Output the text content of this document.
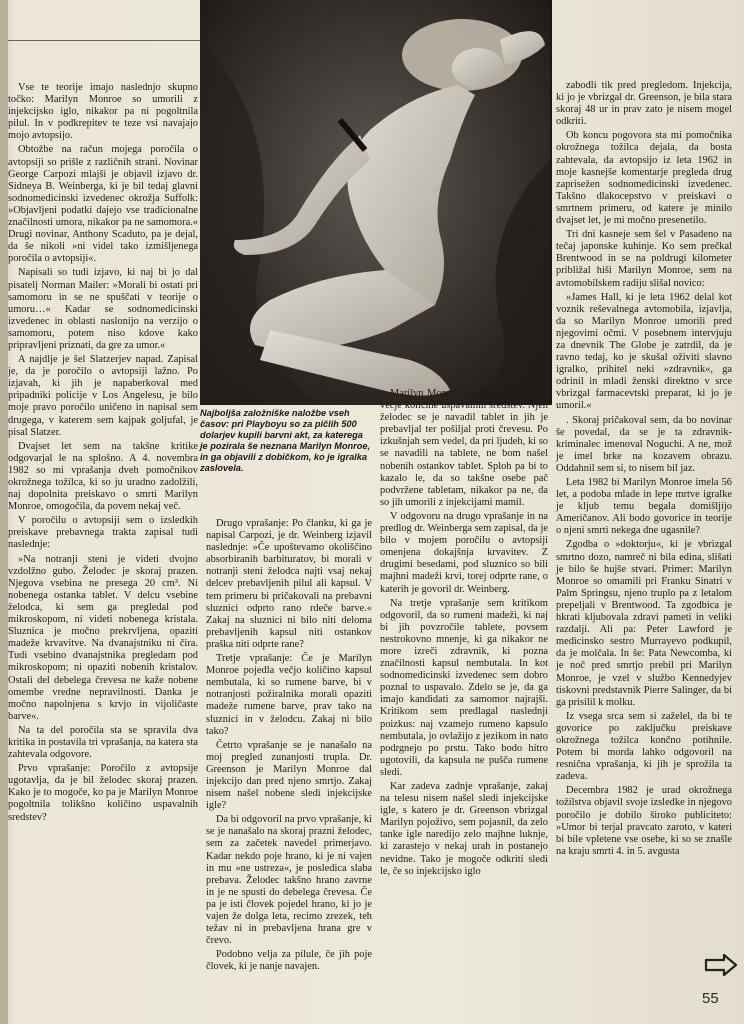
Najboljša založniške naložbe vseh časov: pri Playboyu so za pičlih 500 dolarjev kupili barvni akt, za katerega je pozirala še neznana Marilyn Monroe, in ga objavili z dobičkom, ko je igralka zaslovela.

Vse te teorije imajo naslednjo skupno točko: Marilyn Monroe so umorili z injekcijsko iglo, nikakor pa ni pogoltnila pilul. In v podkrepitev te teze vsi navajajo mojo avtopsijo.

Obtožbe na račun mojega poročila o avtopsiji so prišle z različnih strani. Novinar George Carpozi mlajši je objavil izjavo dr. Sidneya B. Weinberga, ki je bil tedaj glavni sodnomedicinski izvedenec okrožja Suffolk: »Objavljeni podatki dajejo vse tradicionalne značilnosti umora, nikakor pa ne samomora.« Drugi novinar, Anthony Scaduto, pa je dejal, da še nikoli »ni videl tako izmišljenega poročila o avtopsiji«.

Napisali so tudi izjavo, ki naj bi jo dal pisatelj Norman Mailer: »Morali bi ostati pri samomoru in se ne spuščati v teorije o umoru…« Kadar se sodnomedicinski izvedenec in oblasti naslonijo na verzijo o samomoru, potem niso kdove kako pripravljeni priznati, da gre za umor.«

A najdlje je šel Slatzerjev napad. Zapisal je, da je poročilo o avtopsiji lažno. Po izjavah, ki jih je napaberkoval med pripadniki policije v Los Angelesu, je bilo moje pravo poročilo uničeno in napisal sem drugega, v katerem sem kajpak goljufal, je pisal Slatzer.

Dvajset let sem na takšne kritike odgovarjal le na splošno. A 4. novembra 1982 so mi vprašanja dveh pomočnikov okrožnega tožilca, ki so ju uradno zadolžili, naj dopolnita preiskavo o smrti Marilyn Monroe, omogočila, da povem nekaj več.

V poročilu o avtopsiji sem o izsledkih preiskave prebavnega trakta zapisal tudi naslednje:

»Na notranji steni je videti dvojno vzdolžno gubo. Želodec je skoraj prazen. Njegova vsebina ne presega 20 cm³. Ni nobenega ostanka tablet. V delcu vsebine želodca, ki sem ga pregledal pod mikroskopom, ni videti nobenega kristala. Sluznica je močno prekrvljena, opaziti madeže krvavitve. Na dvanajstniku ni čira. Tudi vsebino dvanajstnika pregledam pod mikroskopom; ni opaziti nobenih kristalov. Ostali del debelega črevesa ne kaže nobene omembe vredne nepravilnosti. Danka je močno napolnjena s krvjo in vijoličaste barve«.

Na ta del poročila sta se spravila dva kritika in postavila tri vprašanja, na katera sta zahtevala odgovore.

Prvo vprašanje: Poročilo z avtopsije ugotavlja, da je bil želodec skoraj prazen. Kako je to mogoče, ko pa je Marilyn Monroe pogoltnila tolikšno količino uspavalnih sredstev?

Drugo vprašanje: Po članku, ki ga je napisal Carpozi, je dr. Weinberg izjavil naslednje: »Če upoštevamo okoliščino absorbiranih barbituratov, bi morali v notranji steni želodca najti vsaj nekaj delcev prebavljenih pilul ali kapsul. V tem primeru bi pričakovali na prebavni sluznici odprto rano rdeče barve.« Zakaj na sluznici ni bilo niti deloma prebavljenih kapsul niti ostankov praška niti odprte rane?

Tretje vprašanje: Če je Marilyn Monroe pojedla večjo količino kapsul nembutala, ki so rumene barve, bi v notranjosti požiralnika morali opaziti madeže rumene barve, prav tako na sluznici in v želodcu. Zakaj ni bilo tako?

Četrto vprašanje se je nanašalo na moj pregled zunanjosti trupla. Dr. Greenson je Marilyn Monroe dal injekcijo dan pred njeno smrtjo. Zakaj nisem našel nobene sledi injekcijske igle?

Da bi odgovoril na prvo vprašanje, ki se je nanašalo na skoraj prazni želodec, sem za začetek navedel primerjavo. Kadar nekdo poje hrano, ki je ni vajen in mu »ne ustreza«, je posledica slaba prebava. Želodec takšno hrano zavrne in je ne spusti do debelega črevesa. Če pa je isti človek pojedel hrano, ki jo je vajen že dolga leta, recimo zrezek, teh težav ni in prebavljena hrana gre v črevo.

Podobno velja za pilule, če jih poje človek, ki je nanje navajen.

Marilyn Monroe je dolga leta jemala večje količine uspavalnih sredstev. Njen želodec se je navadil tablet in jih je prebavljal ter pošiljal proti črevesu. Po izkušnjah sem vedel, da pri ljudeh, ki so se navadili na tablete, ne bom našel nobenih ostankov tablet. Sploh pa bi to kazalo le, da so takšne osebe pač podvržene tabletam, nikakor pa ne, da so jih umorili z injekcijami mamil.

V odgovoru na drugo vprašanje in na predlog dr. Weinberga sem zapisal, da je bilo v mojem poročilu o avtopsiji omenjena dokajšnja krvavitev. Z drugimi besedami, pod sluznico so bili majhni madeži krvi, torej odprte rane, o katerih je govoril dr. Weinberg.

Na tretje vprašanje sem kritikom odgovoril, da so rumeni madeži, ki naj bi jih povzročile tablete, povsem nestrokovno mnenje, ki ga nikakor ne more izreči zdravnik, ki pozna značilnosti kapsul nembutala. In kot sodnomedicinski izvedenec sem dobro poznal to uspavalo. Zdelo se je, da ga imajo kandidati za samomor najrajši. Kritikom sem predlagal naslednji poizkus: naj vzamejo rumeno kapsulo nembutala, jo ovlažijo z jezikom in nato podrgnejo po prstu. Tako bodo hitro ugotovili, da kapsula ne pušča rumene sledi.

Kar zadeva zadnje vprašanje, zakaj na telesu nisem našel sledi injekcijske igle, s katero je dr. Greenson vbrizgal Marilyn pojoživo, sem pojasnil, da zelo tanke igle naredijo zelo majhne luknje, ki zarastejo v nekaj urah in postanejo nevidne. Tako je mogoče odkriti sledi le, če so injekcijsko iglo

zabodli tik pred pregledom. Injekcija, ki jo je vbrizgal dr. Greenson, je bila stara skoraj 48 ur in prav zato je nisem mogel odkriti.

Ob koncu pogovora sta mi pomočnika okrožnega tožilca dejala, da bosta zahtevala, da avtopsijo iz leta 1962 in moje kasnejše komentarje pregleda drug zaprisežen sodnomedicinski izvedenec. Takšno dlakocepstvo v preiskavi o smrtnem primeru, od katere je minilo dvajset let, je mi močno presenetilo.

Tri dni kasneje sem šel v Pasadeno na tečaj japonske kuhinje. Ko sem prečkal Brentwood in se na poldrugi kilometer približal hiši Marilyn Monroe, sem na avtomobilskem radiju slišal novico:

»James Hall, ki je leta 1962 delal kot voznik reševalnega avtomobila, izjavlja, da so Marilyn Monroe umorili pred njegovimi očmi. V posebnem intervjuju za dnevnik The Globe je zatrdil, da je ravno tedaj, ko je skušal oživiti slavno igralko, prihitel neki »zdravnik«, ga odrinil in mladi ženski direktno v srce vbrizgal farmacevtski preparat, ki jo je umoril.«

. Skoraj pričakoval sem, da bo novinar še povedal, da se je ta zdravnik-kriminalec imenoval Noguchi. A ne, mož je imel brke na kozavem obrazu. Oddahnil sem si, to nisem bil jaz.

Leta 1982 bi Marilyn Monroe imela 56 let, a podoba mlade in lepe mrtve igralke je kljub temu begala domišljijo Američanov. Ali bodo govorice in teorije o njeni smrti nekega dne ugasnile?

Zgodba o »doktorju«, ki je vbrizgal smrtno dozo, namreč ni bila edina, slišati je bilo še hujše stvari. Primer: Marilyn Monroe so omamili pri Franku Sinatri v Palm Springsu, njeno truplo pa z letalom prepeljali v Brentwood. Ta zgodbica je hkrati kljubovala zdravi pameti in veliki razdalji. Ali pa: Peter Lawford je medicinsko sestro Murrayevo podkupil, da je molčala. In še: Pata Newcomba, ki je noč pred smrtjo prebil pri Marilyn Monroe, je vzel v službo Kennedyjev tiskovni predstavnik Pierre Salinger, da bi ga prisilil k molku.

Iz vsega srca sem si zaželel, da bi te govorice po zaključku preiskave okrožnega tožilca končno potihnile. Potem bi morda lahko odgovoril na resnična vprašanja, ki jih je sprožila ta zadeva.

Decembra 1982 je urad okrožnega tožilstva objavil svoje izsledke in njegovo poročilo je dobilo široko publiciteto: »Umor bi terjal pravcato zaroto, v kateri bi bile vpletene vse osebe, ki so se znašle na kraju smrti 4. in 5. avgusta

55
